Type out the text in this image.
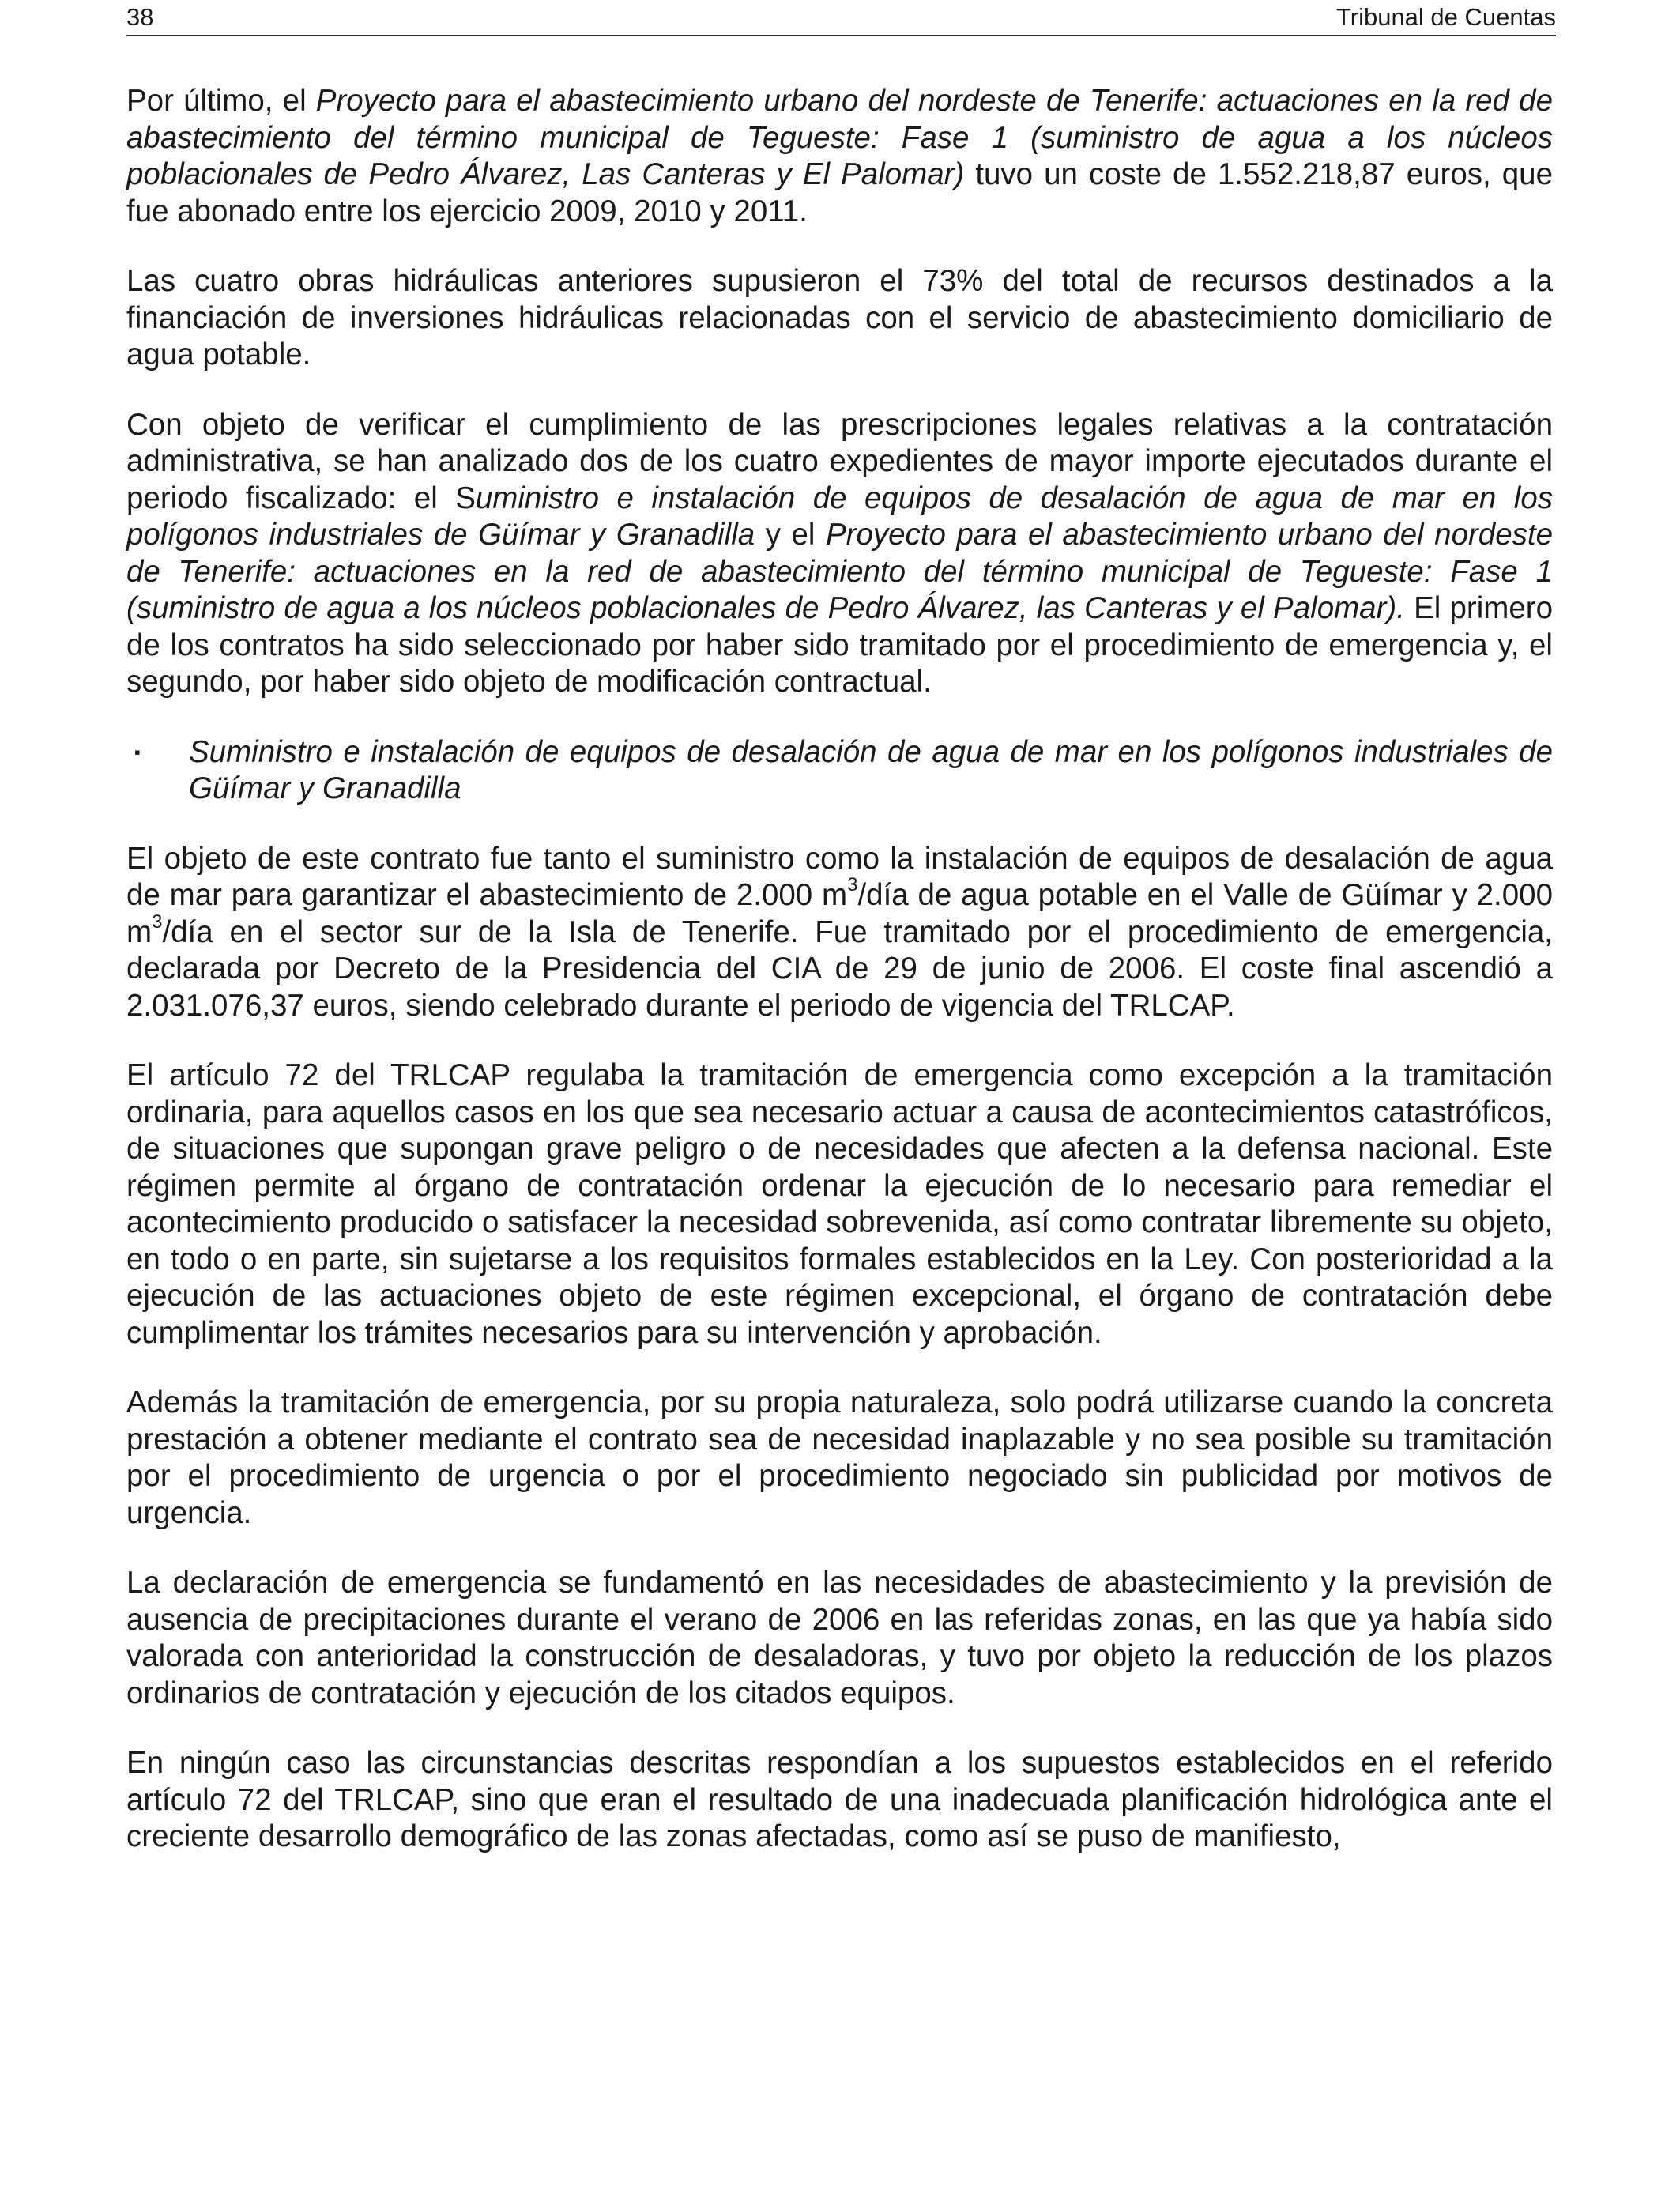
38	Tribunal de Cuentas

Por último, el Proyecto para el abastecimiento urbano del nordeste de Tenerife: actuaciones en la red de abastecimiento del término municipal de Tegueste: Fase 1 (suministro de agua a los núcleos poblacionales de Pedro Álvarez, Las Canteras y El Palomar) tuvo un coste de 1.552.218,87 euros, que fue abonado entre los ejercicio 2009, 2010 y 2011.

Las cuatro obras hidráulicas anteriores supusieron el 73% del total de recursos destinados a la financiación de inversiones hidráulicas relacionadas con el servicio de abastecimiento domiciliario de agua potable.

Con objeto de verificar el cumplimiento de las prescripciones legales relativas a la contratación administrativa, se han analizado dos de los cuatro expedientes de mayor importe ejecutados durante el periodo fiscalizado: el Suministro e instalación de equipos de desalación de agua de mar en los polígonos industriales de Güímar y Granadilla y el Proyecto para el abastecimiento urbano del nordeste de Tenerife: actuaciones en la red de abastecimiento del término municipal de Tegueste: Fase 1 (suministro de agua a los núcleos poblacionales de Pedro Álvarez, las Canteras y el Palomar). El primero de los contratos ha sido seleccionado por haber sido tramitado por el procedimiento de emergencia y, el segundo, por haber sido objeto de modificación contractual.

▪ Suministro e instalación de equipos de desalación de agua de mar en los polígonos industriales de Güímar y Granadilla

El objeto de este contrato fue tanto el suministro como la instalación de equipos de desalación de agua de mar para garantizar el abastecimiento de 2.000 $m^3$/día de agua potable en el Valle de Güímar y 2.000 $m^3$/día en el sector sur de la Isla de Tenerife. Fue tramitado por el procedimiento de emergencia, declarada por Decreto de la Presidencia del CIA de 29 de junio de 2006. El coste final ascendió a 2.031.076,37 euros, siendo celebrado durante el periodo de vigencia del TRLCAP.

El artículo 72 del TRLCAP regulaba la tramitación de emergencia como excepción a la tramitación ordinaria, para aquellos casos en los que sea necesario actuar a causa de acontecimientos catastróficos, de situaciones que supongan grave peligro o de necesidades que afecten a la defensa nacional. Este régimen permite al órgano de contratación ordenar la ejecución de lo necesario para remediar el acontecimiento producido o satisfacer la necesidad sobrevenida, así como contratar libremente su objeto, en todo o en parte, sin sujetarse a los requisitos formales establecidos en la Ley. Con posterioridad a la ejecución de las actuaciones objeto de este régimen excepcional, el órgano de contratación debe cumplimentar los trámites necesarios para su intervención y aprobación.

Además la tramitación de emergencia, por su propia naturaleza, solo podrá utilizarse cuando la concreta prestación a obtener mediante el contrato sea de necesidad inaplazable y no sea posible su tramitación por el procedimiento de urgencia o por el procedimiento negociado sin publicidad por motivos de urgencia.

La declaración de emergencia se fundamentó en las necesidades de abastecimiento y la previsión de ausencia de precipitaciones durante el verano de 2006 en las referidas zonas, en las que ya había sido valorada con anterioridad la construcción de desaladoras, y tuvo por objeto la reducción de los plazos ordinarios de contratación y ejecución de los citados equipos.

En ningún caso las circunstancias descritas respondían a los supuestos establecidos en el referido artículo 72 del TRLCAP, sino que eran el resultado de una inadecuada planificación hidrológica ante el creciente desarrollo demográfico de las zonas afectadas, como así se puso de manifiesto,
